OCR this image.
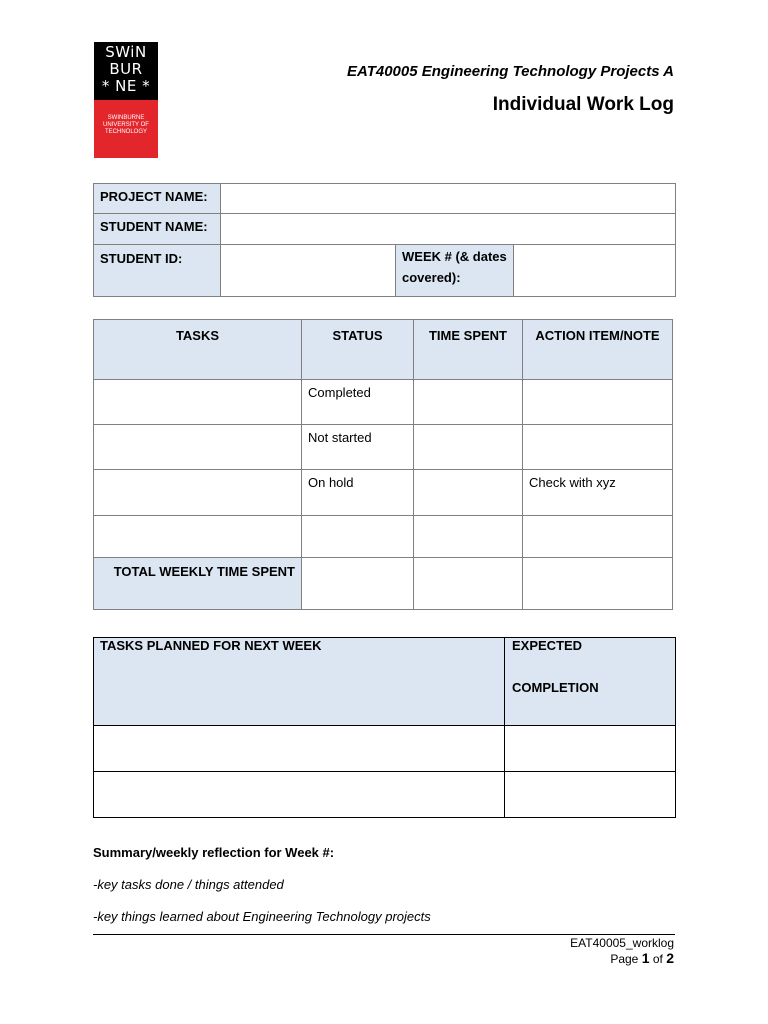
SWiN
BUR
* NE *
SWINBURNE
UNIVERSITY OF
TECHNOLOGY
EAT40005 Engineering Technology Projects A
Individual Work Log
PROJECT NAME:			
STUDENT NAME:			
STUDENT ID:		WEEK # (& dates
covered):	

TASKS	STATUS	TIME SPENT	ACTION ITEM/NOTE
	Completed		
	Not started		
	On hold		Check with xyz

TOTAL WEEKLY TIME SPENT			
TASKS PLANNED FOR NEXT WEEK	EXPECTED
COMPLETION

Summary/weekly reflection for Week #:
-key tasks done / things attended
-key things learned about Engineering Technology projects
EAT40005_worklog
Page 1 of 2
